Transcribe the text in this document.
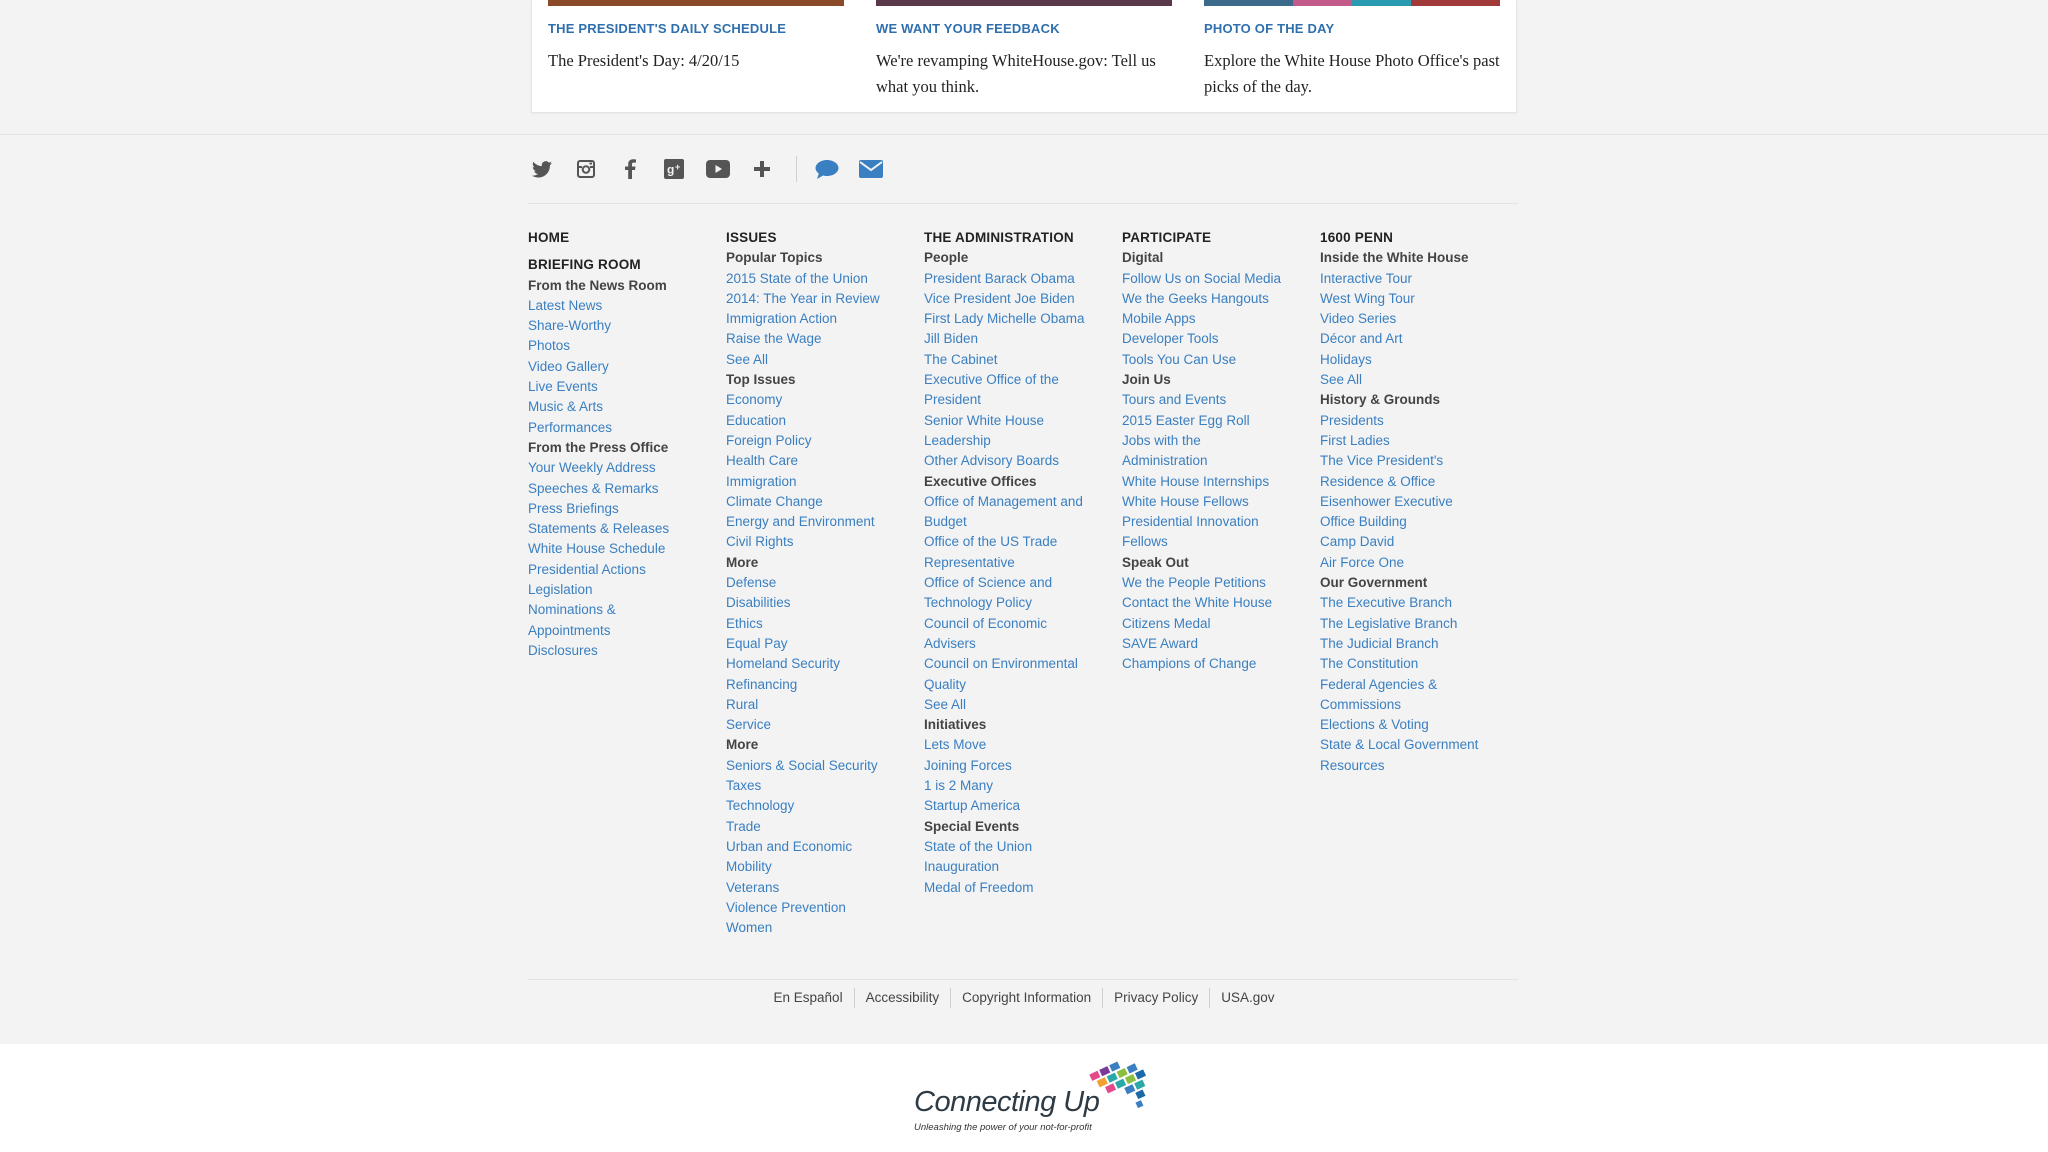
THE PRESIDENT'S DAILY SCHEDULE
The President's Day: 4/20/15
WE WANT YOUR FEEDBACK
We're revamping WhiteHouse.gov: Tell us what you think.
PHOTO OF THE DAY
Explore the White House Photo Office's past picks of the day.
g +
HOME
BRIEFING ROOM
From the News Room
Latest News
Share-Worthy
Photos
Video Gallery
Live Events
Music & Arts
Performances
From the Press Office
Your Weekly Address
Speeches & Remarks
Press Briefings
Statements & Releases
White House Schedule
Presidential Actions
Legislation
Nominations &
Appointments
Disclosures
ISSUES
Popular Topics
2015 State of the Union
2014: The Year in Review
Immigration Action
Raise the Wage
See All
Top Issues
Economy
Education
Foreign Policy
Health Care
Immigration
Climate Change
Energy and Environment
Civil Rights
More
Defense
Disabilities
Ethics
Equal Pay
Homeland Security
Refinancing
Rural
Service
More
Seniors & Social Security
Taxes
Technology
Trade
Urban and Economic
Mobility
Veterans
Violence Prevention
Women
THE ADMINISTRATION
People
President Barack Obama
Vice President Joe Biden
First Lady Michelle Obama
Jill Biden
The Cabinet
Executive Office of the
President
Senior White House
Leadership
Other Advisory Boards
Executive Offices
Office of Management and
Budget
Office of the US Trade
Representative
Office of Science and
Technology Policy
Council of Economic
Advisers
Council on Environmental
Quality
See All
Initiatives
Lets Move
Joining Forces
1 is 2 Many
Startup America
Special Events
State of the Union
Inauguration
Medal of Freedom
PARTICIPATE
Digital
Follow Us on Social Media
We the Geeks Hangouts
Mobile Apps
Developer Tools
Tools You Can Use
Join Us
Tours and Events
2015 Easter Egg Roll
Jobs with the
Administration
White House Internships
White House Fellows
Presidential Innovation
Fellows
Speak Out
We the People Petitions
Contact the White House
Citizens Medal
SAVE Award
Champions of Change
1600 PENN
Inside the White House
Interactive Tour
West Wing Tour
Video Series
Décor and Art
Holidays
See All
History & Grounds
Presidents
First Ladies
The Vice President's
Residence & Office
Eisenhower Executive
Office Building
Camp David
Air Force One
Our Government
The Executive Branch
The Legislative Branch
The Judicial Branch
The Constitution
Federal Agencies &
Commissions
Elections & Voting
State & Local Government
Resources
En Español	Accessibility	Copyright Information	Privacy Policy	USA.gov
Connecting Up
Unleashing the power of your not-for-profit
